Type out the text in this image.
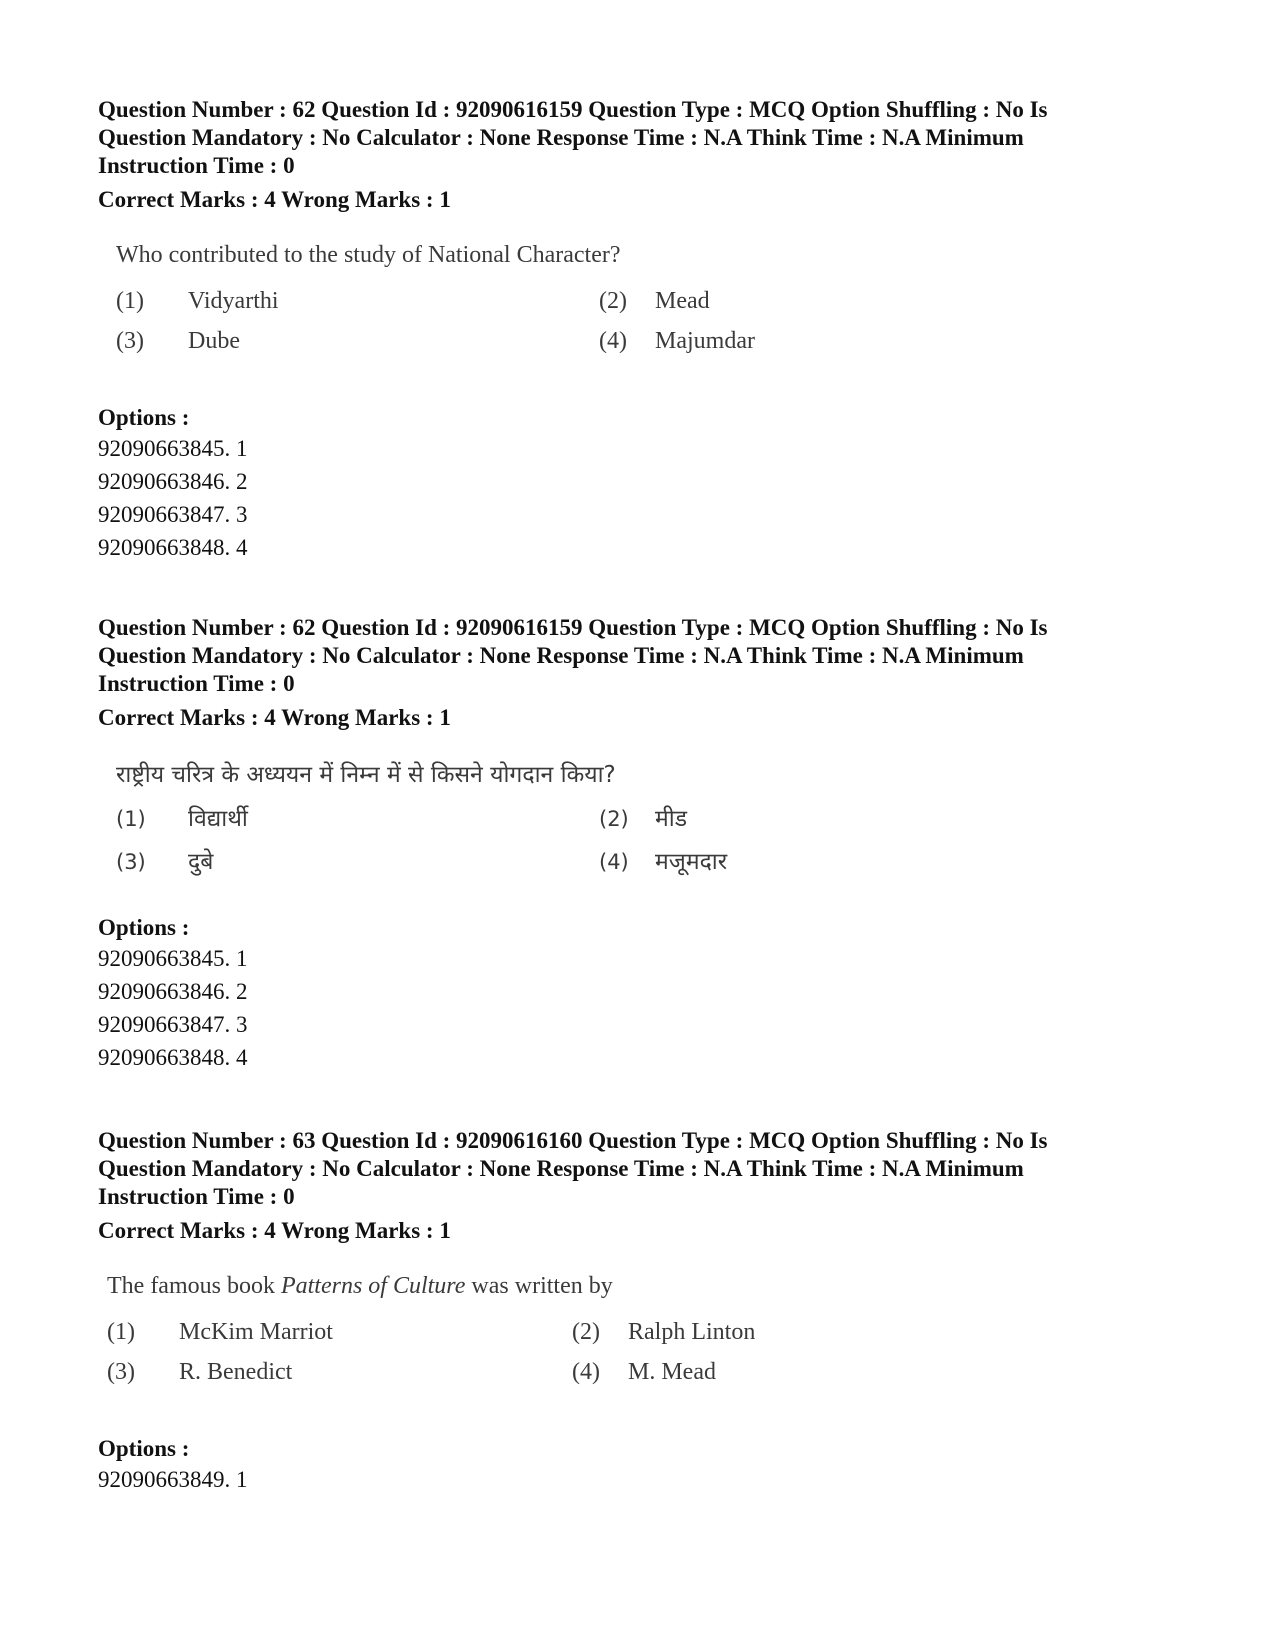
Question Number : 62 Question Id : 92090616159 Question Type : MCQ Option Shuffling : No Is
Question Mandatory : No Calculator : None Response Time : N.A Think Time : N.A Minimum
Instruction Time : 0
Correct Marks : 4 Wrong Marks : 1
Who contributed to the study of National Character?
(1) Vidyarthi	(2) Mead
(3) Dube	(4) Majumdar
Options :
92090663845. 1
92090663846. 2
92090663847. 3
92090663848. 4
Question Number : 62 Question Id : 92090616159 Question Type : MCQ Option Shuffling : No Is
Question Mandatory : No Calculator : None Response Time : N.A Think Time : N.A Minimum
Instruction Time : 0
Correct Marks : 4 Wrong Marks : 1
राष्ट्रीय चरित्र के अध्ययन में निम्न में से किसने योगदान किया?
(1) विद्यार्थी	(2) मीड
(3) दुबे	(4) मजूमदार
Options :
92090663845. 1
92090663846. 2
92090663847. 3
92090663848. 4
Question Number : 63 Question Id : 92090616160 Question Type : MCQ Option Shuffling : No Is
Question Mandatory : No Calculator : None Response Time : N.A Think Time : N.A Minimum
Instruction Time : 0
Correct Marks : 4 Wrong Marks : 1
The famous book Patterns of Culture was written by
(1) McKim Marriot	(2) Ralph Linton
(3) R. Benedict	(4) M. Mead
Options :
92090663849. 1
